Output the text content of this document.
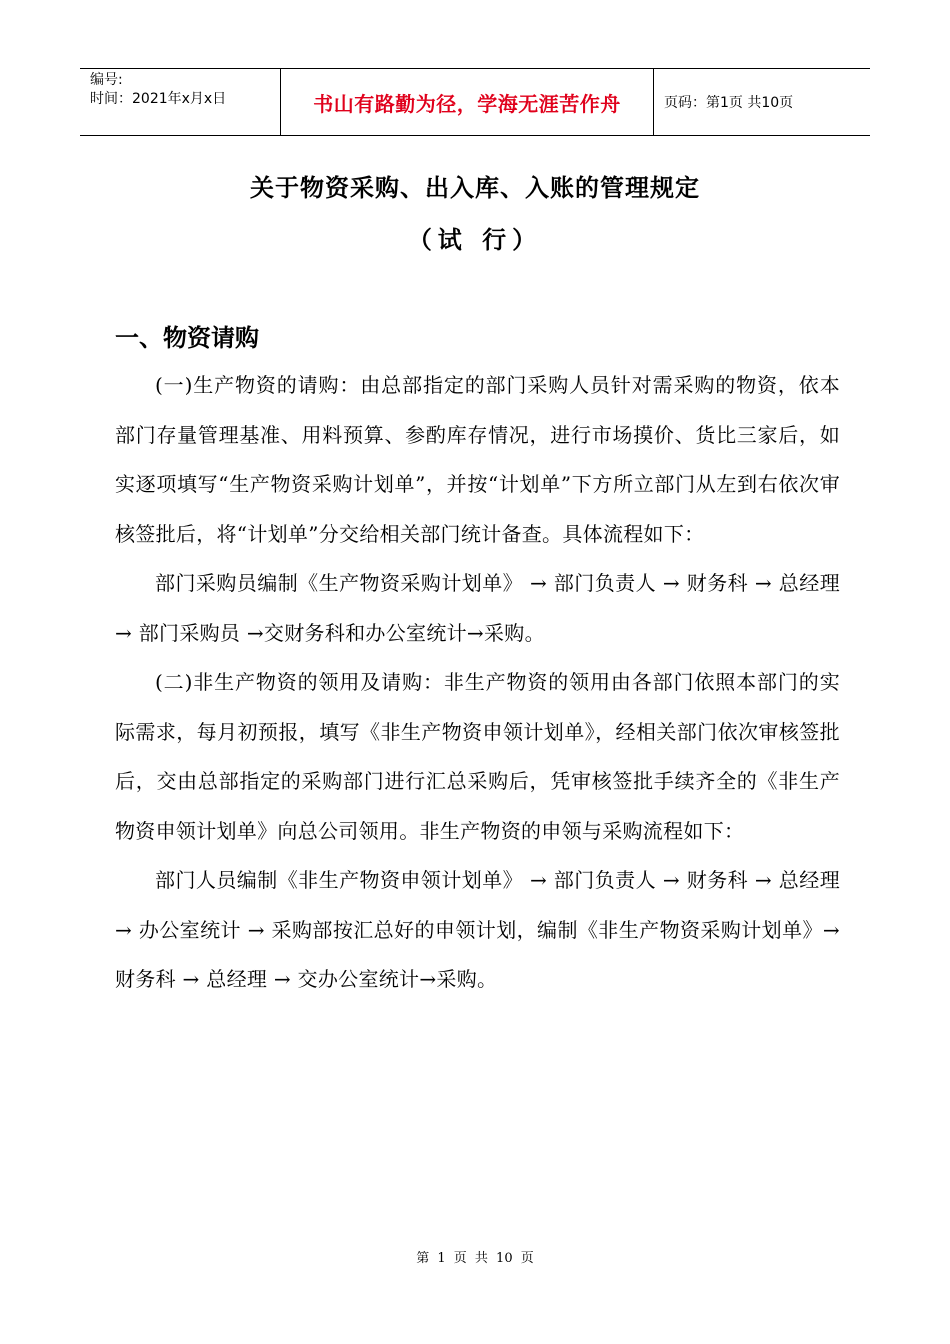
编号:
时间：2021年x月x日	书山有路勤为径，学海无涯苦作舟	页码：第1页 共10页
关于物资采购、出入库、入账的管理规定
（试 行）
一、物资请购

(一)生产物资的请购：由总部指定的部门采购人员针对需采购的物资，依本部门存量管理基准、用料预算、参酌库存情况，进行市场摸价、货比三家后，如实逐项填写“生产物资采购计划单”，并按“计划单”下方所立部门从左到右依次审核签批后，将“计划单”分交给相关部门统计备查。具体流程如下：

部门采购员编制《生产物资采购计划单》 → 部门负责人 → 财务科 → 总经理 → 部门采购员 →交财务科和办公室统计→采购。

(二)非生产物资的领用及请购：非生产物资的领用由各部门依照本部门的实际需求，每月初预报，填写《非生产物资申领计划单》，经相关部门依次审核签批后，交由总部指定的采购部门进行汇总采购后，凭审核签批手续齐全的《非生产物资申领计划单》向总公司领用。非生产物资的申领与采购流程如下：

部门人员编制《非生产物资申领计划单》 → 部门负责人 → 财务科 → 总经理 → 办公室统计 → 采购部按汇总好的申领计划，编制《非生产物资采购计划单》→ 财务科 → 总经理 → 交办公室统计→采购。

第 1 页 共 10 页
